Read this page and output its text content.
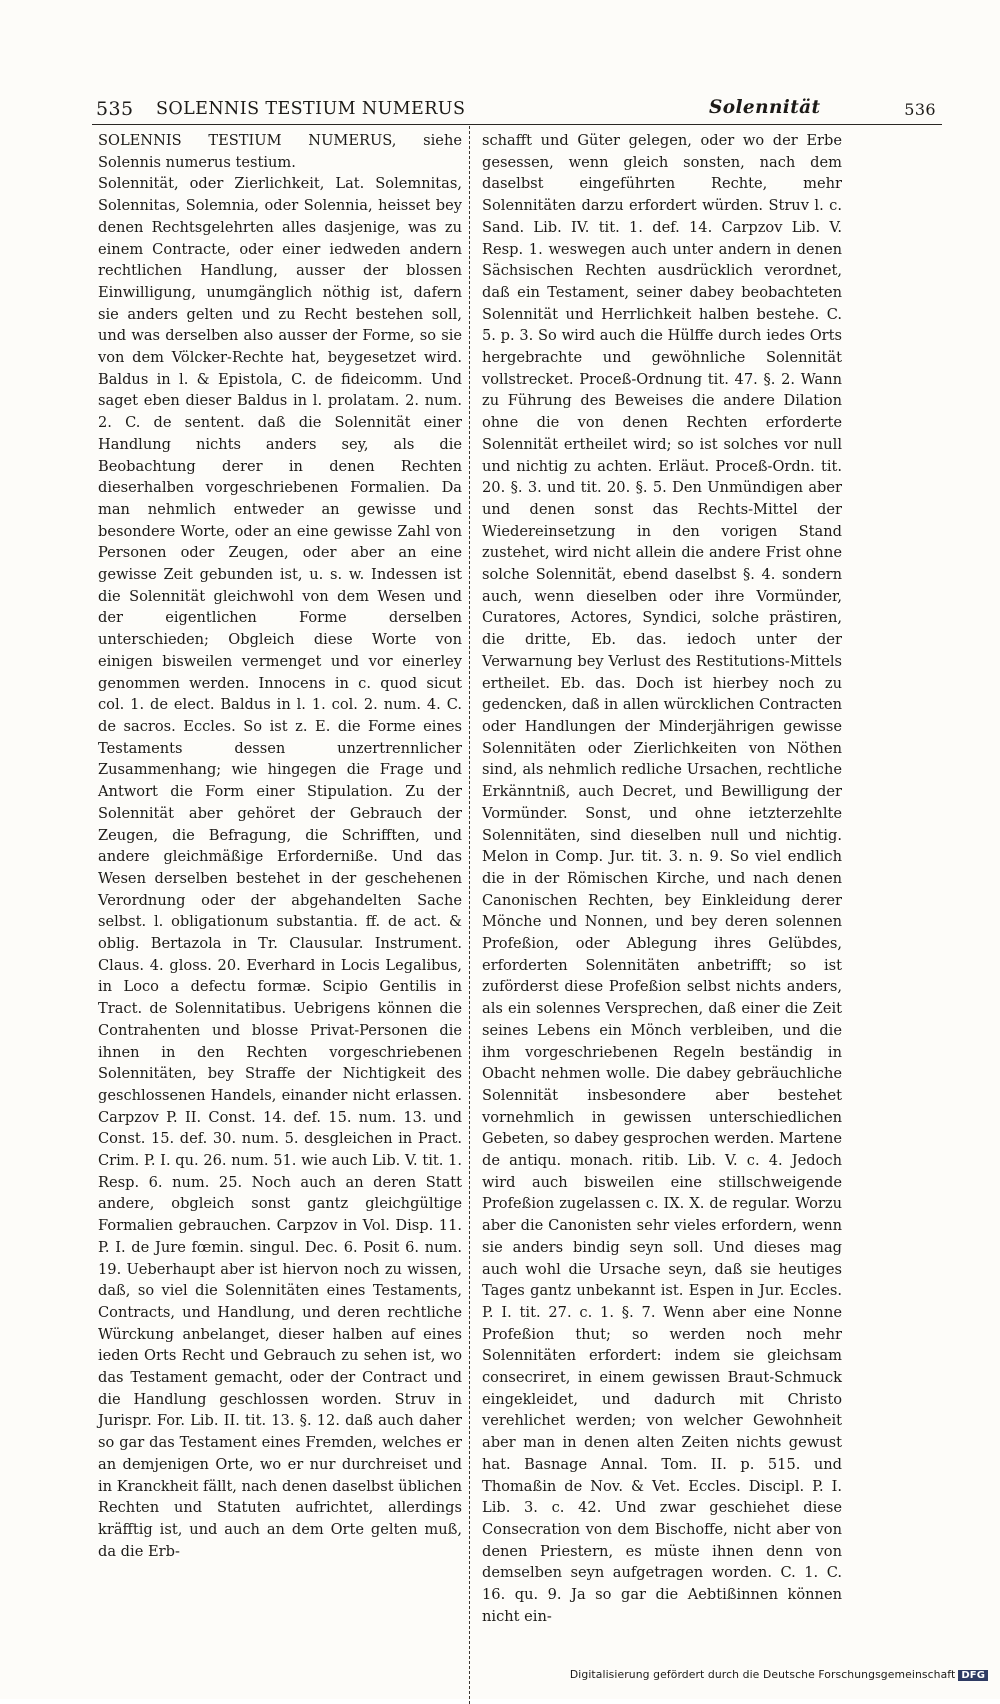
535 SOLENNIS TESTIUM NUMERUS	Solennität	536

SOLENNIS TESTIUM NUMERUS, siehe Solennis numerus testium.

Solennität, oder Zierlichkeit, Lat. Solemnitas, Solennitas, Solemnia, oder Solennia, heisset bey denen Rechtsgelehrten alles dasjenige, was zu einem Contracte, oder einer iedweden andern rechtlichen Handlung, ausser der blossen Einwilligung, unumgänglich nöthig ist, dafern sie anders gelten und zu Recht bestehen soll, und was derselben also ausser der Forme, so sie von dem Völcker-Rechte hat, beygesetzet wird. Baldus in l. & Epistola, C. de fideicomm. Und saget eben dieser Baldus in l. prolatam. 2. num. 2. C. de sentent. daß die Solennität einer Handlung nichts anders sey, als die Beobachtung derer in denen Rechten dieserhalben vorgeschriebenen Formalien. Da man nehmlich entweder an gewisse und besondere Worte, oder an eine gewisse Zahl von Personen oder Zeugen, oder aber an eine gewisse Zeit gebunden ist, u. s. w. Indessen ist die Solennität gleichwohl von dem Wesen und der eigentlichen Forme derselben unterschieden; Obgleich diese Worte von einigen bisweilen vermenget und vor einerley genommen werden. Innocens in c. quod sicut col. 1. de elect. Baldus in l. 1. col. 2. num. 4. C. de sacros. Eccles. So ist z. E. die Forme eines Testaments dessen unzertrennlicher Zusammenhang; wie hingegen die Frage und Antwort die Form einer Stipulation. Zu der Solennität aber gehöret der Gebrauch der Zeugen, die Befragung, die Schrifften, und andere gleichmäßige Erforderniße. Und das Wesen derselben bestehet in der geschehenen Verordnung oder der abgehandelten Sache selbst. l. obligationum substantia. ff. de act. & oblig. Bertazola in Tr. Clausular. Instrument. Claus. 4. gloss. 20. Everhard in Locis Legalibus, in Loco a defectu formæ. Scipio Gentilis in Tract. de Solennitatibus. Uebrigens können die Contrahenten und blosse Privat-Personen die ihnen in den Rechten vorgeschriebenen Solennitäten, bey Straffe der Nichtigkeit des geschlossenen Handels, einander nicht erlassen. Carpzov P. II. Const. 14. def. 15. num. 13. und Const. 15. def. 30. num. 5. desgleichen in Pract. Crim. P. I. qu. 26. num. 51. wie auch Lib. V. tit. 1. Resp. 6. num. 25. Noch auch an deren Statt andere, obgleich sonst gantz gleichgültige Formalien gebrauchen. Carpzov in Vol. Disp. 11. P. I. de Jure fœmin. singul. Dec. 6. Posit 6. num. 19. Ueberhaupt aber ist hiervon noch zu wissen, daß, so viel die Solennitäten eines Testaments, Contracts, und Handlung, und deren rechtliche Würckung anbelanget, dieser halben auf eines ieden Orts Recht und Gebrauch zu sehen ist, wo das Testament gemacht, oder der Contract und die Handlung geschlossen worden. Struv in Jurispr. For. Lib. II. tit. 13. §. 12. daß auch daher so gar das Testament eines Fremden, welches er an demjenigen Orte, wo er nur durchreiset und in Kranckheit fällt, nach denen daselbst üblichen Rechten und Statuten aufrichtet, allerdings kräfftig ist, und auch an dem Orte gelten muß, da die Erb-

schafft und Güter gelegen, oder wo der Erbe gesessen, wenn gleich sonsten, nach dem daselbst eingeführten Rechte, mehr Solennitäten darzu erfordert würden. Struv l. c. Sand. Lib. IV. tit. 1. def. 14. Carpzov Lib. V. Resp. 1. weswegen auch unter andern in denen Sächsischen Rechten ausdrücklich verordnet, daß ein Testament, seiner dabey beobachteten Solennität und Herrlichkeit halben bestehe. C. 5. p. 3. So wird auch die Hülffe durch iedes Orts hergebrachte und gewöhnliche Solennität vollstrecket. Proceß-Ordnung tit. 47. §. 2. Wann zu Führung des Beweises die andere Dilation ohne die von denen Rechten erforderte Solennität ertheilet wird; so ist solches vor null und nichtig zu achten. Erläut. Proceß-Ordn. tit. 20. §. 3. und tit. 20. §. 5. Den Unmündigen aber und denen sonst das Rechts-Mittel der Wiedereinsetzung in den vorigen Stand zustehet, wird nicht allein die andere Frist ohne solche Solennität, ebend daselbst §. 4. sondern auch, wenn dieselben oder ihre Vormünder, Curatores, Actores, Syndici, solche prästiren, die dritte, Eb. das. iedoch unter der Verwarnung bey Verlust des Restitutions-Mittels ertheilet. Eb. das. Doch ist hierbey noch zu gedencken, daß in allen würcklichen Contracten oder Handlungen der Minderjährigen gewisse Solennitäten oder Zierlichkeiten von Nöthen sind, als nehmlich redliche Ursachen, rechtliche Erkänntniß, auch Decret, und Bewilligung der Vormünder. Sonst, und ohne ietzterzehlte Solennitäten, sind dieselben null und nichtig. Melon in Comp. Jur. tit. 3. n. 9. So viel endlich die in der Römischen Kirche, und nach denen Canonischen Rechten, bey Einkleidung derer Mönche und Nonnen, und bey deren solennen Profeßion, oder Ablegung ihres Gelübdes, erforderten Solennitäten anbetrifft; so ist zuförderst diese Profeßion selbst nichts anders, als ein solennes Versprechen, daß einer die Zeit seines Lebens ein Mönch verbleiben, und die ihm vorgeschriebenen Regeln beständig in Obacht nehmen wolle. Die dabey gebräuchliche Solennität insbesondere aber bestehet vornehmlich in gewissen unterschiedlichen Gebeten, so dabey gesprochen werden. Martene de antiqu. monach. ritib. Lib. V. c. 4. Jedoch wird auch bisweilen eine stillschweigende Profeßion zugelassen c. IX. X. de regular. Worzu aber die Canonisten sehr vieles erfordern, wenn sie anders bindig seyn soll. Und dieses mag auch wohl die Ursache seyn, daß sie heutiges Tages gantz unbekannt ist. Espen in Jur. Eccles. P. I. tit. 27. c. 1. §. 7. Wenn aber eine Nonne Profeßion thut; so werden noch mehr Solennitäten erfordert: indem sie gleichsam consecriret, in einem gewissen Braut-Schmuck eingekleidet, und dadurch mit Christo verehlichet werden; von welcher Gewohnheit aber man in denen alten Zeiten nichts gewust hat. Basnage Annal. Tom. II. p. 515. und Thomaßin de Nov. & Vet. Eccles. Discipl. P. I. Lib. 3. c. 42. Und zwar geschiehet diese Consecration von dem Bischoffe, nicht aber von denen Priestern, es müste ihnen denn von demselben seyn aufgetragen worden. C. 1. C. 16. qu. 9. Ja so gar die Aebtißinnen können nicht ein-

Digitalisierung gefördert durch die Deutsche Forschungsgemeinschaft DFG
